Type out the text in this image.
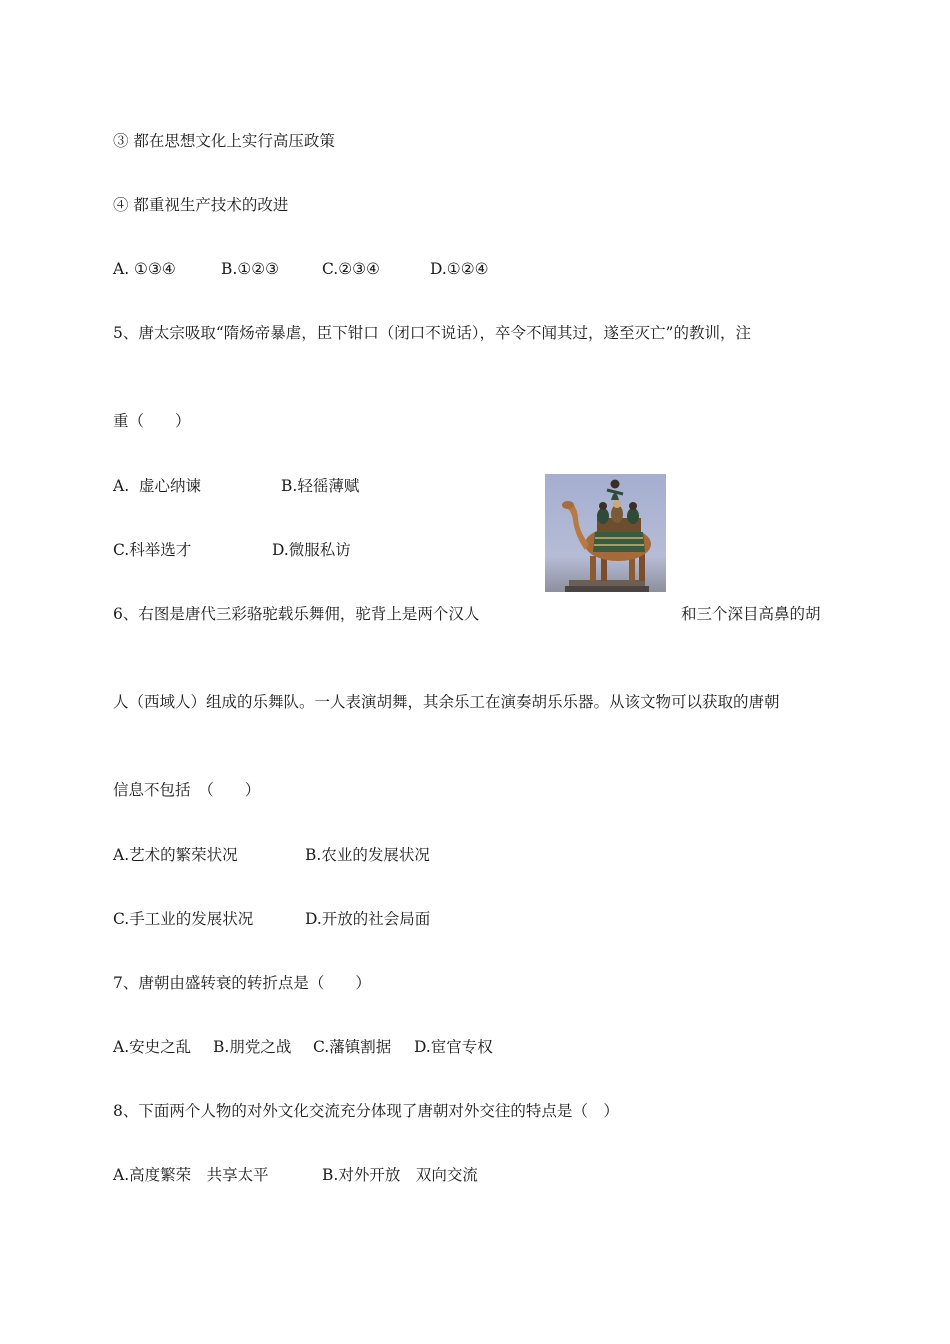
③ 都在思想文化上实行高压政策
④ 都重视生产技术的改进
A. ①③④	B.①②③	C.②③④	D.①②④
5、唐太宗吸取“隋炀帝暴虐，臣下钳口（闭口不说话），卒令不闻其过，遂至灭亡”的教训，注
重（　　）
A.  虚心纳谏	B.轻徭薄赋
C.科举选才	D.微服私访
6、右图是唐代三彩骆驼载乐舞佣，驼背上是两个汉人	和三个深目高鼻的胡
人（西域人）组成的乐舞队。一人表演胡舞，其余乐工在演奏胡乐乐器。从该文物可以获取的唐朝
信息不包括　（　　）
A.艺术的繁荣状况	B.农业的发展状况
C.手工业的发展状况	D.开放的社会局面
7、唐朝由盛转衰的转折点是（　　）
A.安史之乱 B.朋党之战 C.藩镇割据 D.宦官专权
8、下面两个人物的对外文化交流充分体现了唐朝对外交往的特点是（　）
A.高度繁荣　共享太平	B.对外开放　双向交流
